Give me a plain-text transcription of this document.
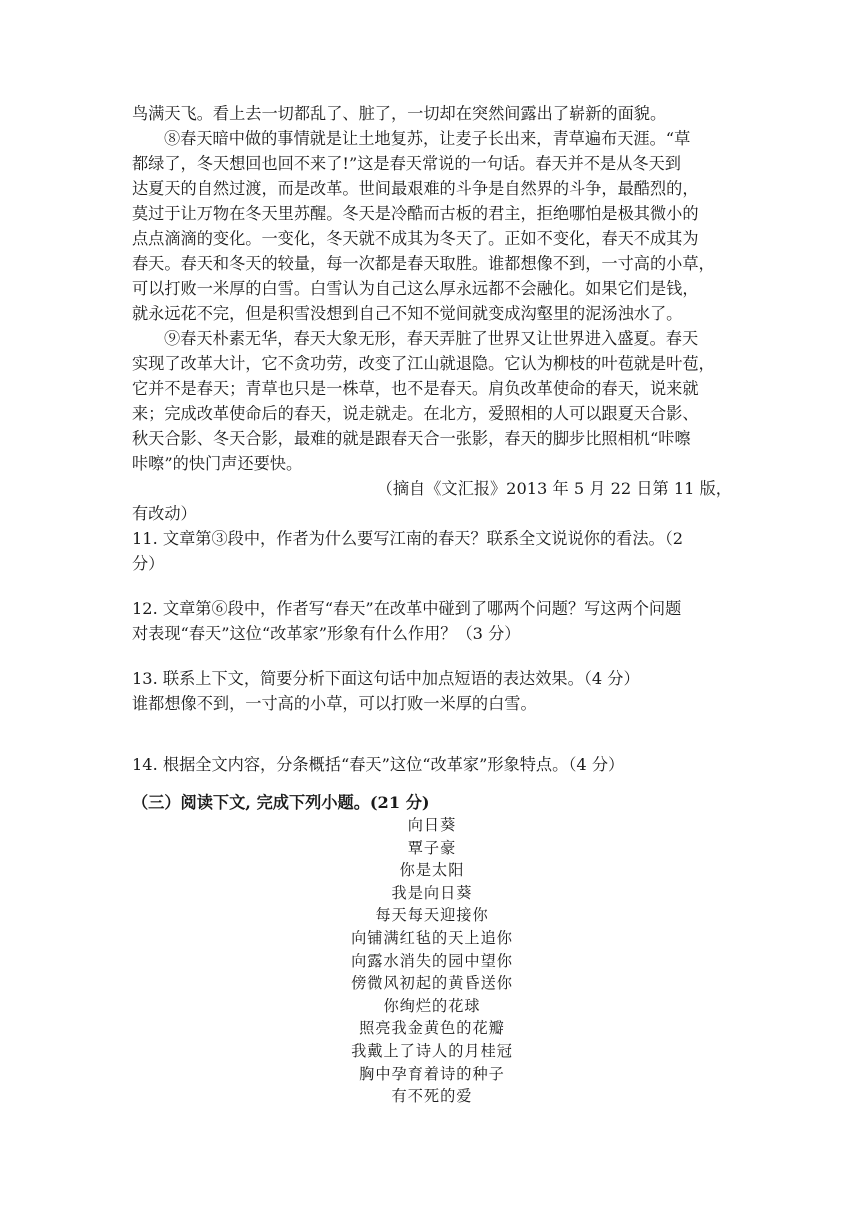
鸟满天飞。看上去一切都乱了、脏了，一切却在突然间露出了崭新的面貌。
⑧春天暗中做的事情就是让土地复苏，让麦子长出来，青草遍布天涯。“草
都绿了，冬天想回也回不来了!”这是春天常说的一句话。春天并不是从冬天到
达夏天的自然过渡，而是改革。世间最艰难的斗争是自然界的斗争，最酷烈的，
莫过于让万物在冬天里苏醒。冬天是冷酷而古板的君主，拒绝哪怕是极其微小的
点点滴滴的变化。一变化，冬天就不成其为冬天了。正如不变化，春天不成其为
春天。春天和冬天的较量，每一次都是春天取胜。谁都想像不到，一寸高的小草，
可以打败一米厚的白雪。白雪认为自己这么厚永远都不会融化。如果它们是钱，
就永远花不完，但是积雪没想到自己不知不觉间就变成沟壑里的泥汤浊水了。
⑨春天朴素无华，春天大象无形，春天弄脏了世界又让世界进入盛夏。春天
实现了改革大计，它不贪功劳，改变了江山就退隐。它认为柳枝的叶苞就是叶苞，
它并不是春天；青草也只是一株草，也不是春天。肩负改革使命的春天，说来就
来；完成改革使命后的春天，说走就走。在北方，爱照相的人可以跟夏天合影、
秋天合影、冬天合影，最难的就是跟春天合一张影，春天的脚步比照相机“咔嚓
咔嚓”的快门声还要快。
（摘自《文汇报》2013 年 5 月 22 日第 11 版，
有改动）
11. 文章第③段中，作者为什么要写江南的春天？联系全文说说你的看法。（2
分）
12. 文章第⑥段中，作者写“春天”在改革中碰到了哪两个问题？写这两个问题
对表现“春天”这位“改革家”形象有什么作用？（3 分）
13. 联系上下文，简要分析下面这句话中加点短语的表达效果。（4 分）
谁都想像不到，一寸高的小草，可以打败一米厚的白雪。
14. 根据全文内容，分条概括“春天”这位“改革家”形象特点。（4 分）
（三）阅读下文, 完成下列小题。(21 分)
向日葵
覃子豪
你是太阳
我是向日葵
每天每天迎接你
向铺满红毡的天上追你
向露水消失的园中望你
傍微风初起的黄昏送你
你绚烂的花球
照亮我金黄色的花瓣
我戴上了诗人的月桂冠
胸中孕育着诗的种子
有不死的爱
